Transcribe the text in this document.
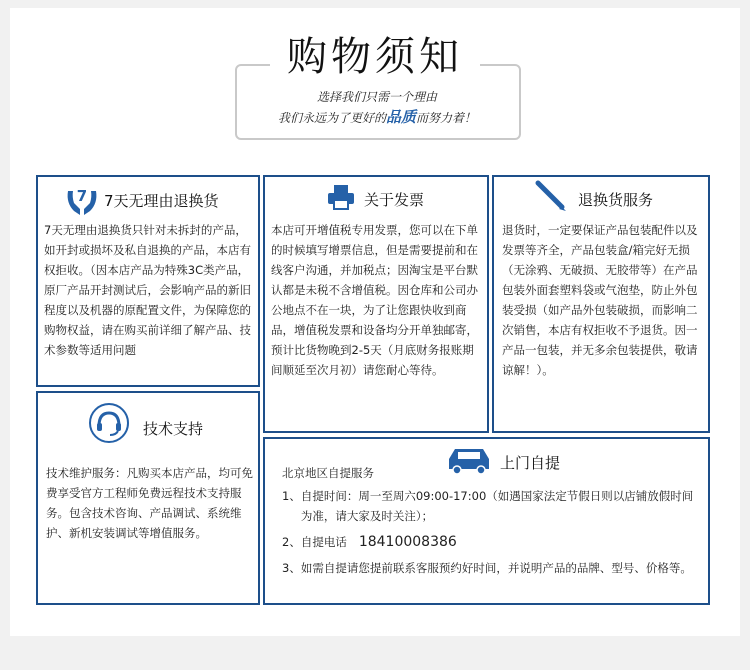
购物须知
选择我们只需一个理由
我们永远为了更好的品质而努力着！
7 7天无理由退换货
7天无理由退换货只针对未拆封的产品，如开封或损坏及私自退换的产品，本店有权拒收。（因本店产品为特殊3C类产品，原厂产品开封测试后，会影响产品的新旧程度以及机器的原配置文件，为保障您的购物权益，请在购买前详细了解产品、技术参数等适用问题
关于发票
本店可开增值税专用发票，您可以在下单的时候填写增票信息，但是需要提前和在线客户沟通，并加税点；因淘宝是平台默认都是未税不含增值税。因仓库和公司办公地点不在一块，为了让您跟快收到商品，增值税发票和设备均分开单独邮寄，预计比货物晚到2-5天（月底财务报账期间顺延至次月初）请您耐心等待。
退换货服务
退货时，一定要保证产品包装配件以及发票等齐全，产品包装盒/箱完好无损（无涂鸦、无破损、无胶带等）在产品包装外面套塑料袋或气泡垫，防止外包装受损（如产品外包装破损，而影响二次销售，本店有权拒收不予退货。因一产品一包装，并无多余包装提供，敬请谅解！）。
技术支持
技术维护服务：凡购买本店产品，均可免费享受官方工程师免费远程技术支持服务。包含技术咨询、产品调试、系统维护、新机安装调试等增值服务。
上门自提
北京地区自提服务
1、 自提时间：周一至周六09:00-17:00（如遇国家法定节假日则以店铺放假时间为准，请大家及时关注）；
2、 自提电话 18410008386
3、 如需自提请您提前联系客服预约好时间，并说明产品的品牌、型号、价格等。
